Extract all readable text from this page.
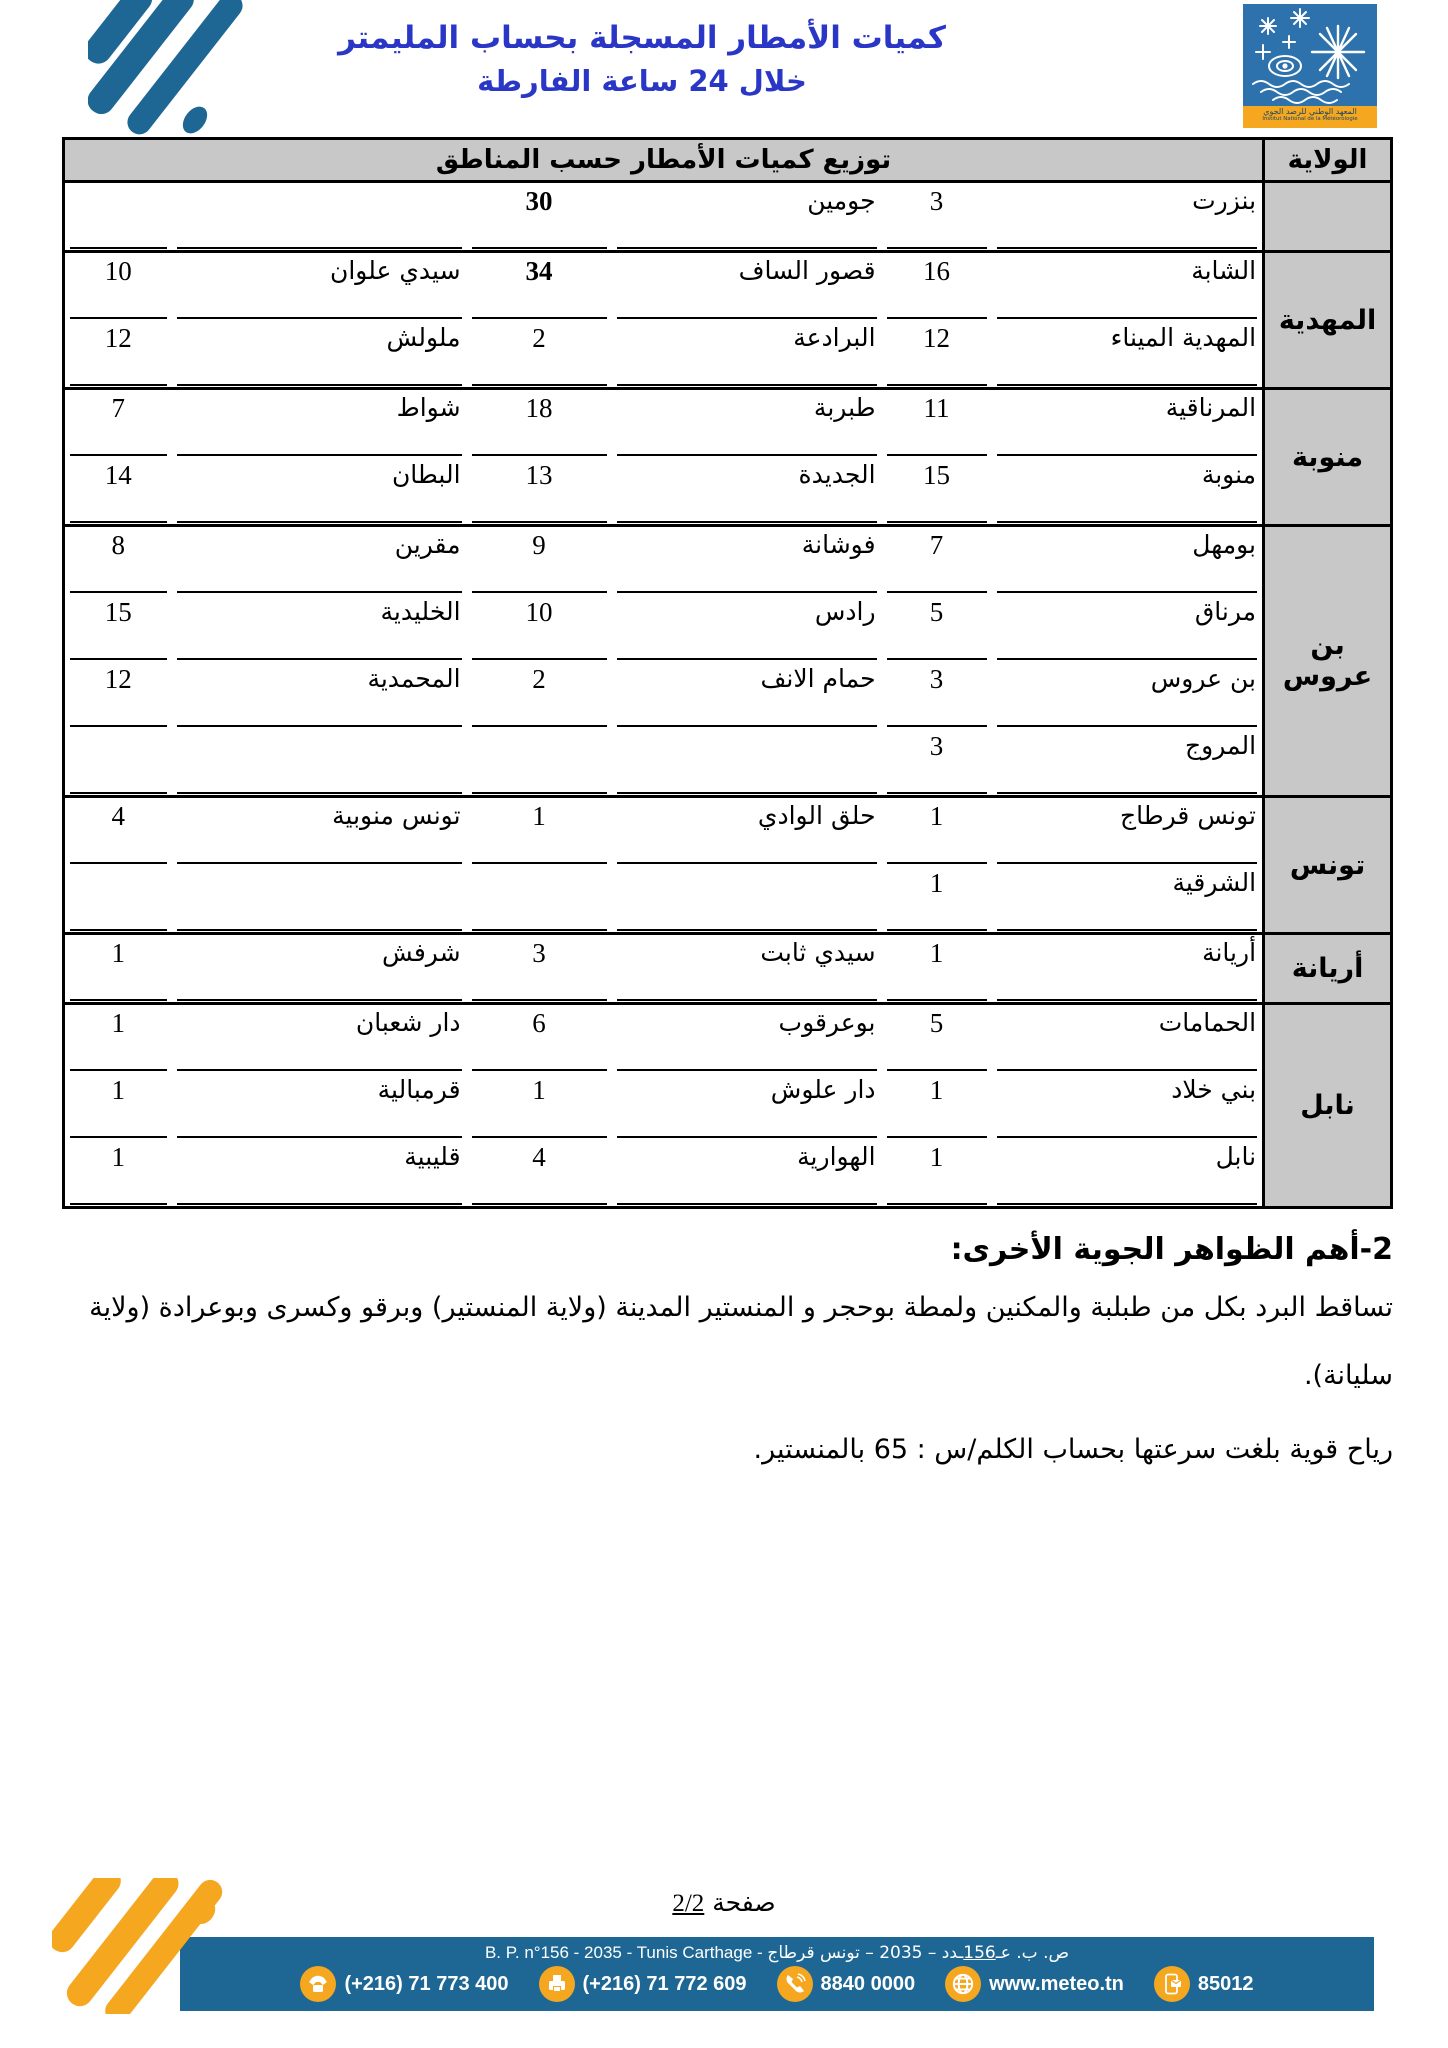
كميات الأمطار المسجلة بحساب المليمتر
خلال 24 ساعة الفارطة
المعهد الوطني للرصد الجوي
Institut National de la Météorologie
الولاية	توزيع كميات الأمطار حسب المناطق					
	بنزرت	3	جومين	30		
المهدية	الشابة	16	قصور الساف	34	سيدي علوان	10
	المهدية الميناء	12	البرادعة	2	ملولش	12
منوبة	المرناقية	11	طبربة	18	شواط	7
	منوبة	15	الجديدة	13	البطان	14
بن عروس	بومهل	7	فوشانة	9	مقرين	8
	مرناق	5	رادس	10	الخليدية	15
	بن عروس	3	حمام الانف	2	المحمدية	12
	المروج	3				
تونس	تونس قرطاج	1	حلق الوادي	1	تونس منوبية	4
	الشرقية	1				
أريانة	أريانة	1	سيدي ثابت	3	شرفش	1
نابل	الحمامات	5	بوعرقوب	6	دار شعبان	1
	بني خلاد	1	دار علوش	1	قرمبالية	1
	نابل	1	الهوارية	4	قليبية	1
2-أهم الظواهر الجوية الأخرى:
تساقط البرد بكل من طبلبة والمكنين ولمطة بوحجر و المنستير المدينة (ولاية المنستير) وبرقو وكسرى وبوعرادة (ولاية سليانة).
رياح قوية بلغت سرعتها بحساب الكلم/س : 65 بالمنستير.
صفحة 2/2
B. P. n°156 - 2035 - Tunis Carthage -	ص. ب. عـ156ـدد – 2035 – تونس قرطاج
(+216) 71 773 400	(+216) 71 772 609	8840 0000	www.meteo.tn	85012
